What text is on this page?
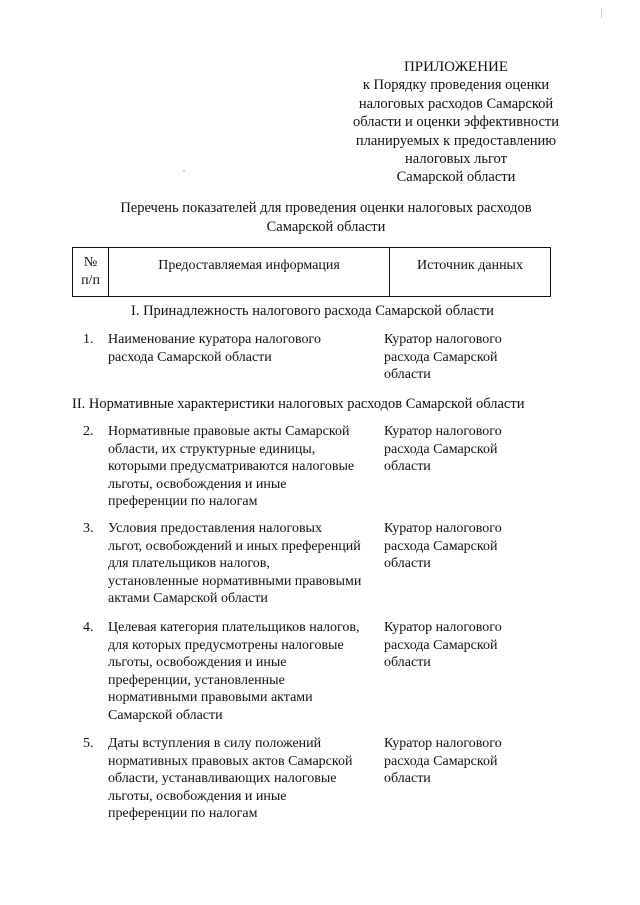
ПРИЛОЖЕНИЕ
к Порядку проведения оценки
налоговых расходов Самарской
области и оценки эффективности
планируемых к предоставлению
налоговых льгот
Самарской области
Перечень показателей для проведения оценки налоговых расходов
Самарской области
№
п/п
Предоставляемая информация	Источник данных
I. Принадлежность налогового расхода Самарской области
1. Наименование куратора налогового
расхода Самарской области
Куратор налогового
расхода Самарской
области
II. Нормативные характеристики налоговых расходов Самарской области
2. Нормативные правовые акты Самарской
области, их структурные единицы,
которыми предусматриваются налоговые
льготы, освобождения и иные
преференции по налогам
Куратор налогового
расхода Самарской
области
3. Условия предоставления налоговых
льгот, освобождений и иных преференций
для плательщиков налогов,
установленные нормативными правовыми
актами Самарской области
Куратор налогового
расхода Самарской
области
4. Целевая категория плательщиков налогов,
для которых предусмотрены налоговые
льготы, освобождения и иные
преференции, установленные
нормативными правовыми актами
Самарской области
Куратор налогового
расхода Самарской
области
5. Даты вступления в силу положений
нормативных правовых актов Самарской
области, устанавливающих налоговые
льготы, освобождения и иные
преференции по налогам
Куратор налогового
расхода Самарской
области
